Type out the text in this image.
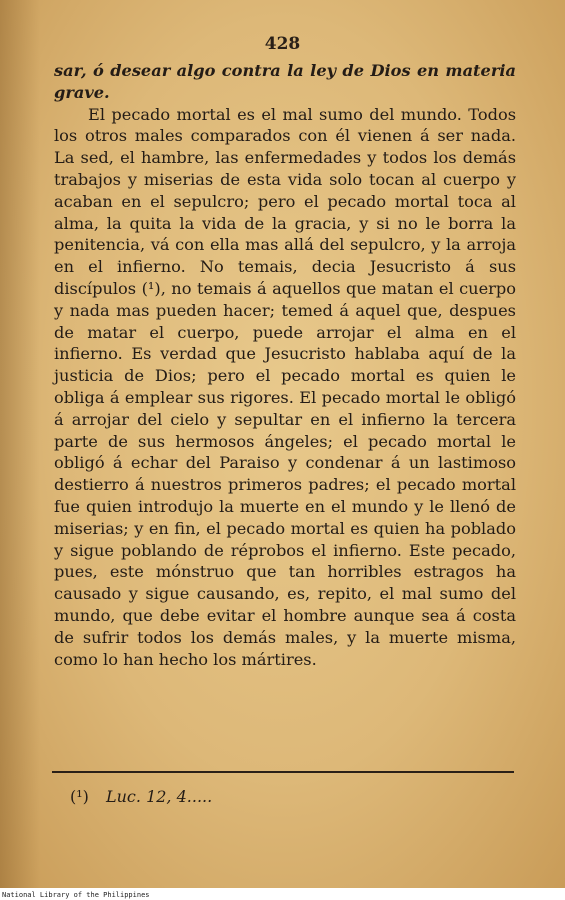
428

sar, ó desear algo contra la ley de Dios en materia grave.

El pecado mortal es el mal sumo del mundo. Todos los otros males comparados con él vienen á ser nada. La sed, el hambre, las enfermedades y todos los demás trabajos y miserias de esta vida solo tocan al cuerpo y acaban en el sepulcro; pero el pecado mortal toca al alma, la quita la vida de la gracia, y si no le borra la penitencia, vá con ella mas allá del sepulcro, y la arroja en el infierno. No temais, decia Jesucristo á sus discípulos (¹), no temais á aquellos que matan el cuerpo y nada mas pueden hacer; temed á aquel que, despues de matar el cuerpo, puede arrojar el alma en el infierno. Es verdad que Jesucristo hablaba aquí de la justicia de Dios; pero el pecado mortal es quien le obliga á emplear sus rigores. El pecado mortal le obligó á arrojar del cielo y sepultar en el infierno la tercera parte de sus hermosos ángeles; el pecado mortal le obligó á echar del Paraiso y condenar á un lastimoso destierro á nuestros primeros padres; el pecado mortal fue quien introdujo la muerte en el mundo y le llenó de miserias; y en fin, el pecado mortal es quien ha poblado y sigue poblando de réprobos el infierno. Este pecado, pues, este mónstruo que tan horribles estragos ha causado y sigue causando, es, repito, el mal sumo del mundo, que debe evitar el hombre aunque sea á costa de sufrir todos los demás males, y la muerte misma, como lo han hecho los mártires.

(¹) Luc. 12, 4.....
National Library of the Philippines
